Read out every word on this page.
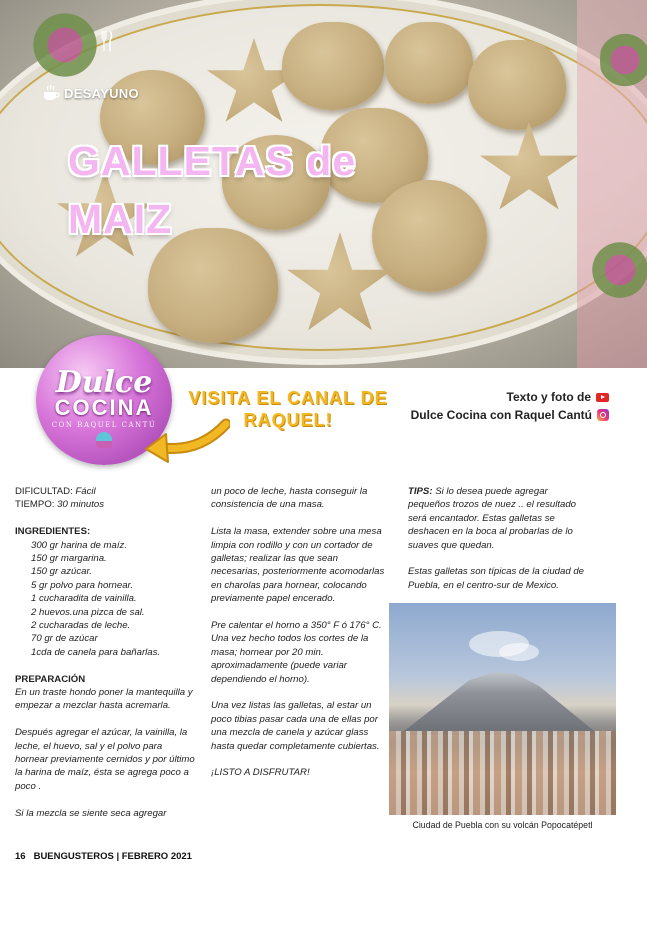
DESAYUNO
GALLETAS de
MAIZ
Dulce
COCINA
CON RAQUEL CANTÚ
VISITA EL CANAL DE RAQUEL!
Texto y foto de
Dulce Cocina con Raquel Cantú
DIFICULTAD: Fácil
TIEMPO: 30 minutos
INGREDIENTES:
300 gr harina de maíz.
150 gr margarina.
150 gr azúcar.
5 gr polvo para hornear.
1 cucharadita de vainilla.
2 huevos.una pizca de sal.
2 cucharadas de leche.
70 gr de azúcar
1cda de canela para bañarlas.
PREPARACIÓN

En un traste hondo poner la mantequilla y empezar a mezclar hasta acremarla.

Después agregar el azúcar, la vainilla, la leche, el huevo, sal y el polvo para hornear previamente cernidos y por último la harina de maíz, ésta se agrega poco a poco .

Si la mezcla se siente seca agregar

un poco de leche, hasta conseguir la consistencia de una masa.

Lista la masa, extender sobre una mesa limpia con rodillo y con un cortador de galletas; realizar las que sean necesarias, posteriormente acomodarlas en charolas para hornear, colocando previamente papel encerado.

Pre calentar el horno a 350° F ó 176° C. Una vez hecho todos los cortes de la masa; hornear por 20 min. aproximadamente (puede variar dependiendo el horno).

Una vez listas las galletas, al estar un poco tibias pasar cada una de ellas por una mezcla de canela y azúcar glass hasta quedar completamente cubiertas.

¡LISTO A DISFRUTAR!

TIPS: Si lo desea puede agregar pequeños trozos de nuez .. el resultado será encantador. Estas galletas se deshacen en la boca al probarlas de lo suaves que quedan.

Estas galletas son típicas de la ciudad de Puebla, en el centro-sur de Mexico.

Ciudad de Puebla con su volcán Popocatépetl
16 BUENGUSTEROS | FEBRERO 2021
